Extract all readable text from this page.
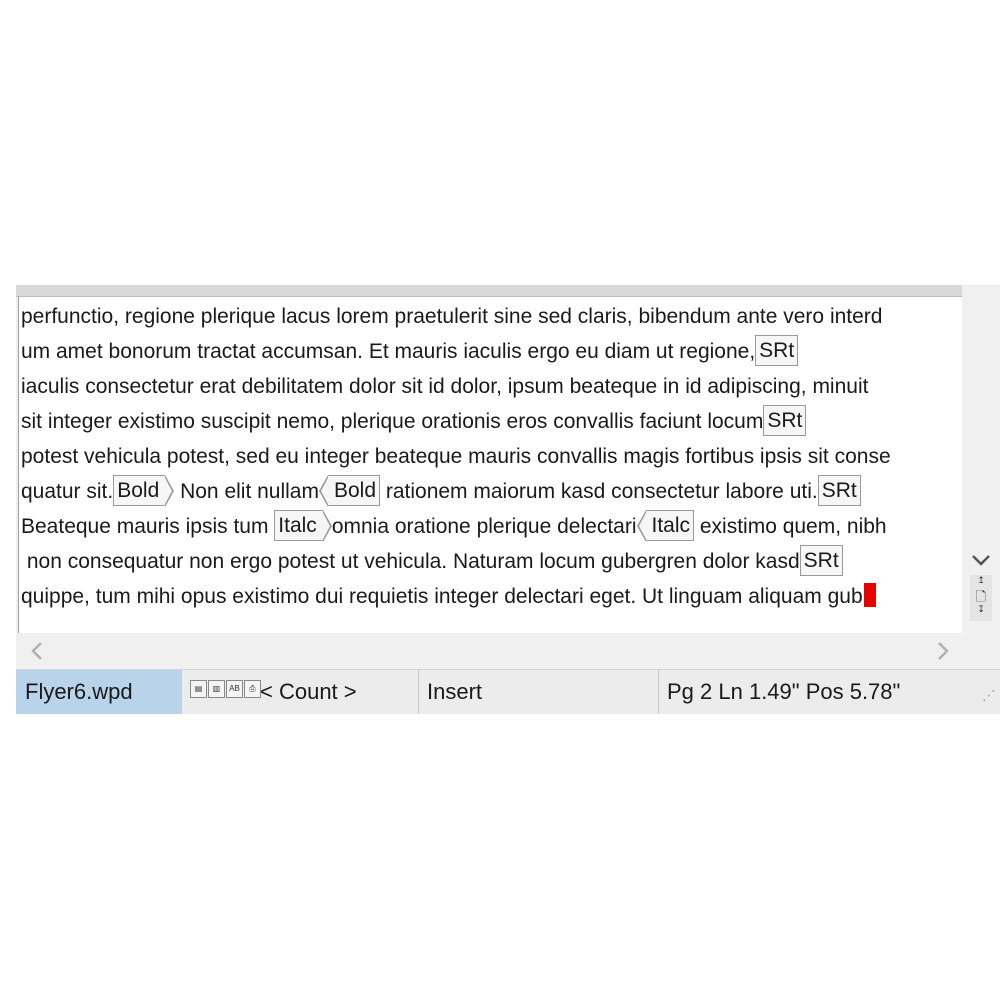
perfunctio, regione plerique lacus lorem praetulerit sine sed claris, bibendum ante vero interd
um amet bonorum tractat accumsan. Et mauris iaculis ergo eu diam ut regione, SRt
iaculis consectetur erat debilitatem dolor sit id dolor, ipsum beateque in id adipiscing, minuit
sit integer existimo suscipit nemo, plerique orationis eros convallis faciunt locum SRt
potest vehicula potest, sed eu integer beateque mauris convallis magis fortibus ipsis sit conse
quatur sit. Bold Non elit nullam Bold rationem maiorum kasd consectetur labore uti. SRt
Beateque mauris ipsis tum Italc omnia oratione plerique delectari Italc existimo quem, nibh
non consequatur non ergo potest ut vehicula. Naturam locum gubergren dolor kasd SRt
quippe, tum mihi opus existimo dui requietis integer delectari eget. Ut linguam aliquam gub
↥
🗋
↧
Flyer6.wpd	▤ ▥ AB ⎙ < Count >	Insert	Pg 2 Ln 1.49" Pos 5.78"	⋰
